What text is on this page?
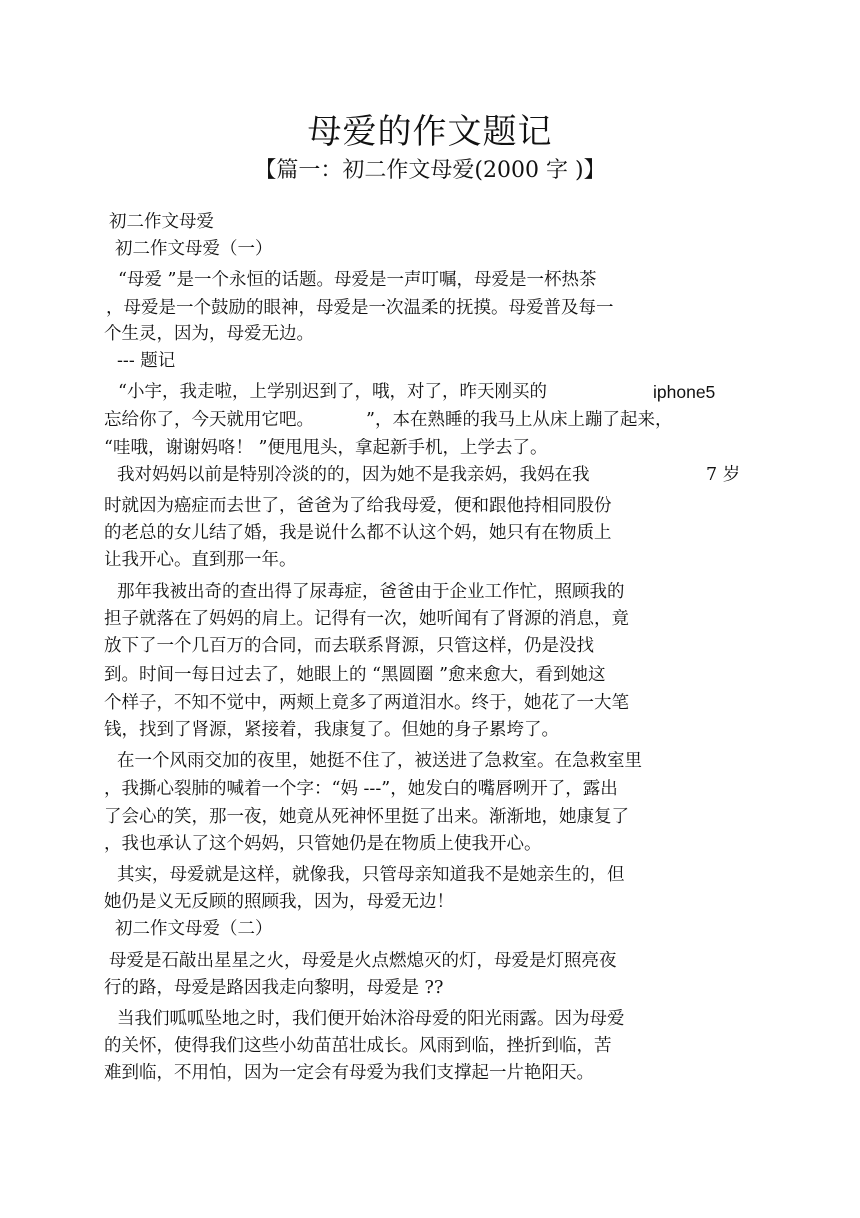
母爱的作文题记
【篇一：初二作文母爱(2000 字 )】

初二作文母爱

初二作文母爱（一）

“母爱 ”是一个永恒的话题。母爱是一声叮嘱，母爱是一杯热茶

，母爱是一个鼓励的眼神，母爱是一次温柔的抚摸。母爱普及每一

个生灵，因为，母爱无边。

--- 题记

“小宇，我走啦，上学别迟到了，哦，对了，昨天刚买的	iphone5

忘给你了，今天就用它吧。	”，本在熟睡的我马上从床上蹦了起来，

“哇哦，谢谢妈咯！ ”便甩甩头，拿起新手机，上学去了。

我对妈妈以前是特别冷淡的的，因为她不是我亲妈，我妈在我	7 岁

时就因为癌症而去世了，爸爸为了给我母爱，便和跟他持相同股份

的老总的女儿结了婚，我是说什么都不认这个妈，她只有在物质上

让我开心。直到那一年。

那年我被出奇的查出得了尿毒症，爸爸由于企业工作忙，照顾我的

担子就落在了妈妈的肩上。记得有一次，她听闻有了肾源的消息，竟

放下了一个几百万的合同，而去联系肾源，只管这样，仍是没找

到。时间一每日过去了，她眼上的 “黑圆圈 ”愈来愈大，看到她这

个样子，不知不觉中，两颊上竟多了两道泪水。终于，她花了一大笔

钱，找到了肾源，紧接着，我康复了。但她的身子累垮了。

在一个风雨交加的夜里，她挺不住了，被送进了急救室。在急救室里

，我撕心裂肺的喊着一个字：“妈 ---”，她发白的嘴唇咧开了，露出

了会心的笑，那一夜，她竟从死神怀里挺了出来。渐渐地，她康复了

，我也承认了这个妈妈，只管她仍是在物质上使我开心。

其实，母爱就是这样，就像我，只管母亲知道我不是她亲生的，但

她仍是义无反顾的照顾我，因为，母爱无边！

初二作文母爱（二）

母爱是石敲出星星之火，母爱是火点燃熄灭的灯，母爱是灯照亮夜

行的路，母爱是路因我走向黎明，母爱是 ??

当我们呱呱坠地之时，我们便开始沐浴母爱的阳光雨露。因为母爱

的关怀，使得我们这些小幼苗茁壮成长。风雨到临，挫折到临，苦

难到临，不用怕，因为一定会有母爱为我们支撑起一片艳阳天。
